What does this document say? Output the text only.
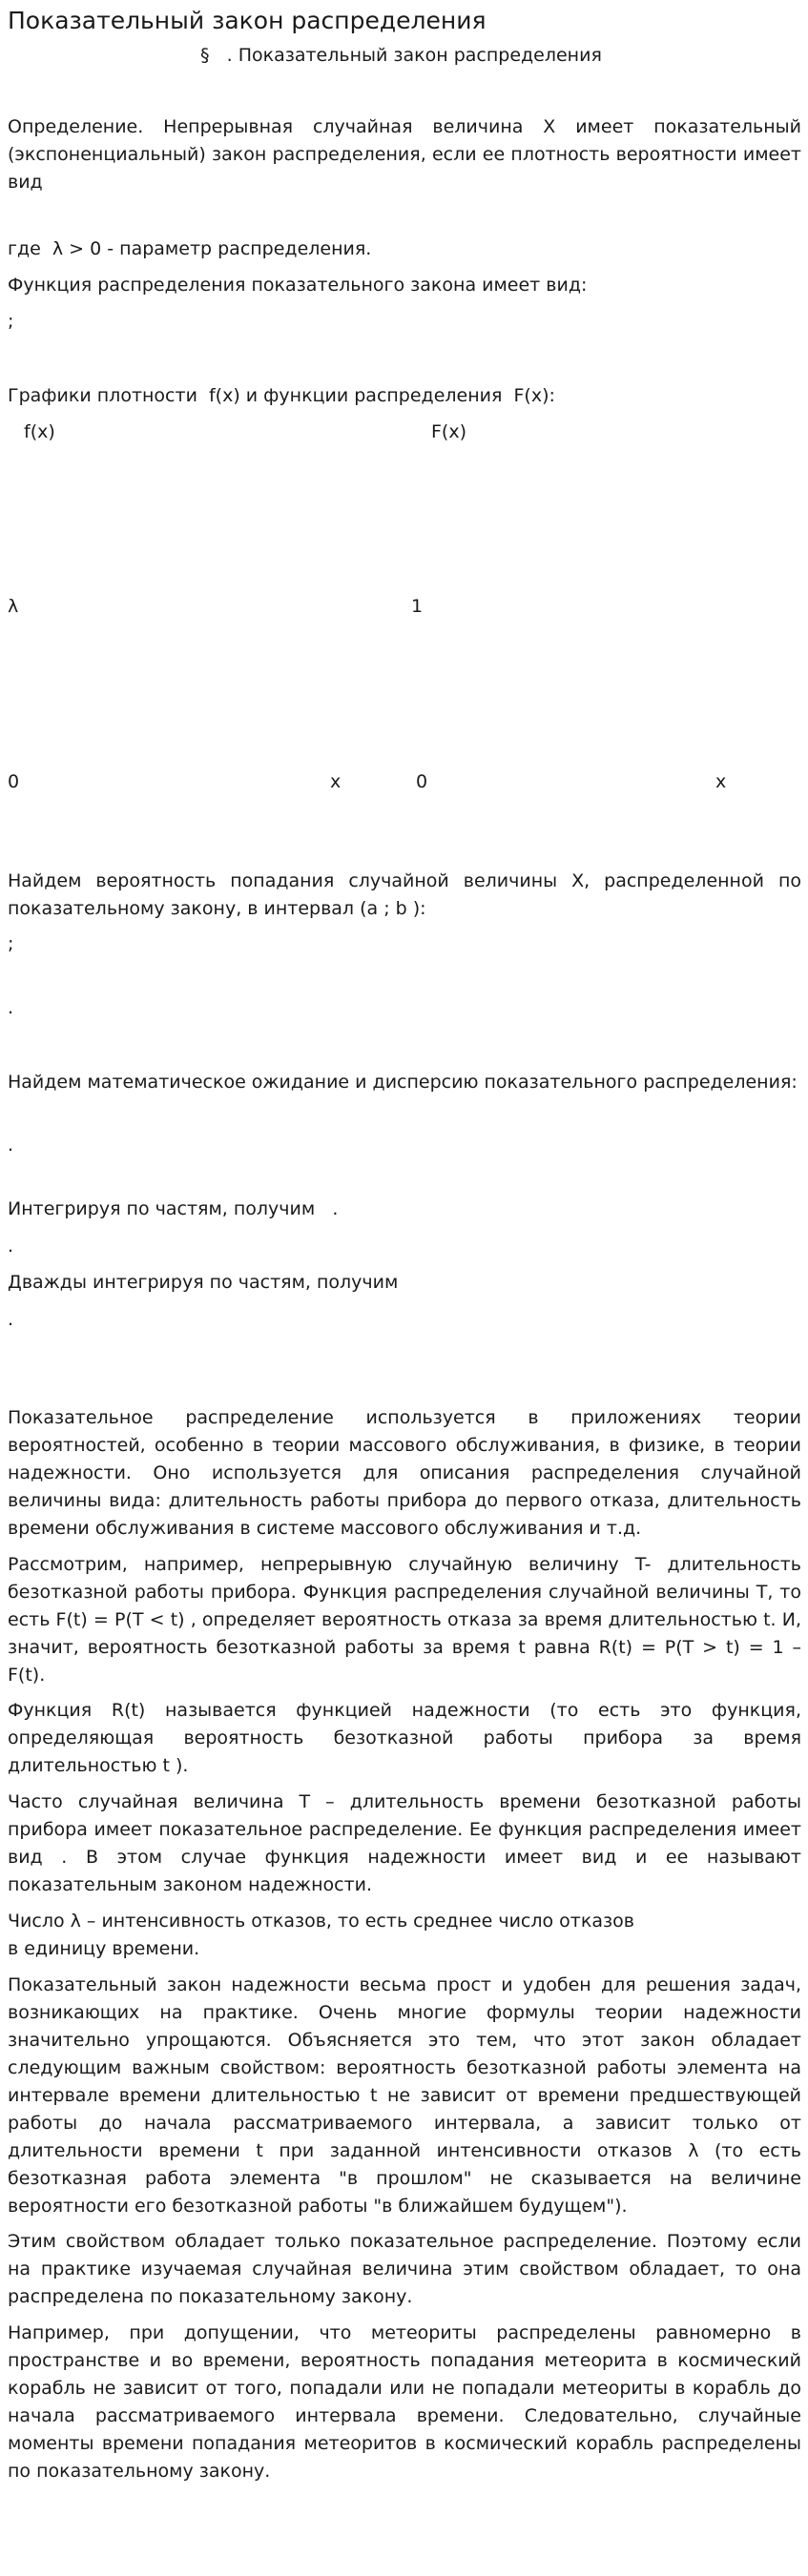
Показательный закон распределения
§   . Показательный закон распределения
Определение. Непрерывная случайная величина X имеет показательный (экспоненциальный) закон распределения, если ее плотность вероятности имеет вид
где  λ > 0 - параметр распределения.
Функция распределения показательного закона имеет вид:
;
Графики плотности  f(x) и функции распределения  F(x):
f(x)
λ
0	x
F(x)
1
0	x
Найдем вероятность попадания случайной величины X, распределенной по показательному закону, в интервал (a ; b ):
;
.
Найдем математическое ожидание и дисперсию показательного распределения:
.
Интегрируя по частям, получим   .
.
Дважды интегрируя по частям, получим
.
Показательное распределение используется в приложениях теории вероятностей, особенно в теории массового обслуживания, в физике, в теории надежности. Оно используется для описания распределения случайной величины вида: длительность работы прибора до первого отказа, длительность времени обслуживания в системе массового обслуживания и т.д.
Рассмотрим, например, непрерывную случайную величину T- длительность безотказной работы прибора. Функция распределения случайной величины T, то есть F(t) = P(T < t) , определяет вероятность отказа за время длительностью t. И, значит, вероятность безотказной работы за время t равна R(t) = P(T > t) = 1 – F(t).
Функция R(t) называется функцией надежности (то есть это функция, определяющая вероятность безотказной работы прибора за время длительностью t ).
Часто случайная величина T – длительность времени безотказной работы прибора имеет показательное распределение. Ее функция распределения имеет вид . В этом случае функция надежности имеет вид и ее называют показательным законом надежности.
Число λ – интенсивность отказов, то есть среднее число отказов
в единицу времени.
Показательный закон надежности весьма прост и удобен для решения задач, возникающих на практике. Очень многие формулы теории надежности значительно упрощаются. Объясняется это тем, что этот закон обладает следующим важным свойством: вероятность безотказной работы элемента на интервале времени длительностью t не зависит от времени предшествующей работы до начала рассматриваемого интервала, а зависит только от длительности времени t при заданной интенсивности отказов λ (то есть безотказная работа элемента "в прошлом" не сказывается на величине вероятности его безотказной работы "в ближайшем будущем").
Этим свойством обладает только показательное распределение. Поэтому если на практике изучаемая случайная величина этим свойством обладает, то она распределена по показательному закону.
Например, при допущении, что метеориты распределены равномерно в пространстве и во времени, вероятность попадания метеорита в космический корабль не зависит от того, попадали или не попадали метеориты в корабль до начала рассматриваемого интервала времени. Следовательно, случайные моменты времени попадания метеоритов в космический корабль распределены по показательному закону.
